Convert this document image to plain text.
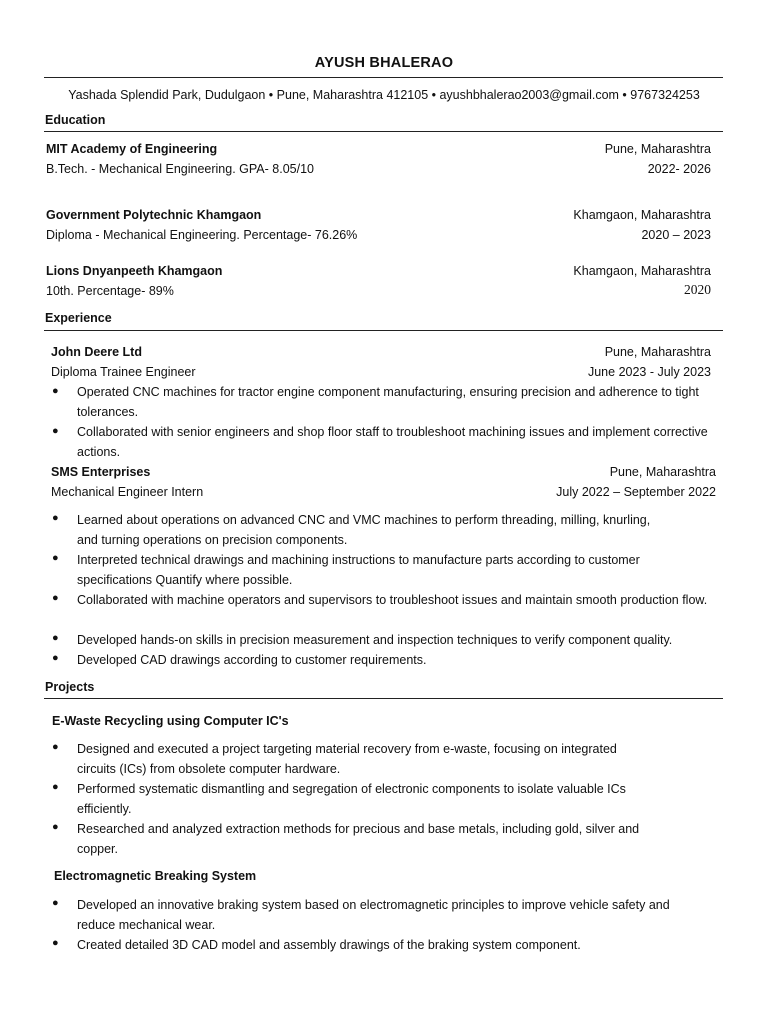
AYUSH BHALERAO
Yashada Splendid Park, Dudulgaon • Pune, Maharashtra 412105 • ayushbhalerao2003@gmail.com • 9767324253
Education
MIT Academy of Engineering	Pune, Maharashtra
B.Tech. - Mechanical Engineering. GPA- 8.05/10	2022- 2026
Government Polytechnic Khamgaon	Khamgaon, Maharashtra
Diploma - Mechanical Engineering. Percentage- 76.26%	2020 – 2023
Lions Dnyanpeeth Khamgaon	Khamgaon, Maharashtra
10th. Percentage- 89%	2020
Experience
John Deere Ltd	Pune, Maharashtra
Diploma Trainee Engineer	June 2023 - July 2023
● Operated CNC machines for tractor engine component manufacturing, ensuring precision and adherence to tight tolerances.
● Collaborated with senior engineers and shop floor staff to troubleshoot machining issues and implement corrective actions.
SMS Enterprises	Pune, Maharashtra
Mechanical Engineer Intern	July 2022 – September 2022
● Learned about operations on advanced CNC and VMC machines to perform threading, milling, knurling, and turning operations on precision components.
● Interpreted technical drawings and machining instructions to manufacture parts according to customer specifications Quantify where possible.
● Collaborated with machine operators and supervisors to troubleshoot issues and maintain smooth production flow.
● Developed hands-on skills in precision measurement and inspection techniques to verify component quality.
● Developed CAD drawings according to customer requirements.
Projects
E-Waste Recycling using Computer IC's
● Designed and executed a project targeting material recovery from e-waste, focusing on integrated circuits (ICs) from obsolete computer hardware.
● Performed systematic dismantling and segregation of electronic components to isolate valuable ICs efficiently.
● Researched and analyzed extraction methods for precious and base metals, including gold, silver and copper.
Electromagnetic Breaking System
● Developed an innovative braking system based on electromagnetic principles to improve vehicle safety and reduce mechanical wear.
● Created detailed 3D CAD model and assembly drawings of the braking system component.
